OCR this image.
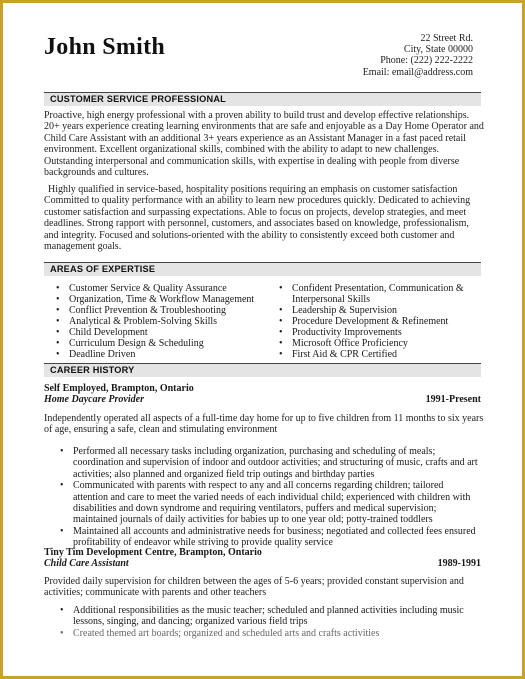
John Smith	22 Street Rd.
City, State 00000
Phone: (222) 222-2222
Email: email@address.com
CUSTOMER SERVICE PROFESSIONAL

Proactive, high energy professional with a proven ability to build trust and develop effective relationships. 20+ years experience creating learning environments that are safe and enjoyable as a Day Home Operator and Child Care Assistant with an additional 3+ years experience as an Assistant Manager in a fast paced retail environment. Excellent organizational skills, combined with the ability to adapt to new challenges. Outstanding interpersonal and communication skills, with expertise in dealing with people from diverse backgrounds and cultures.

Highly qualified in service-based, hospitality positions requiring an emphasis on customer satisfaction Committed to quality performance with an ability to learn new procedures quickly. Dedicated to achieving customer satisfaction and surpassing expectations. Able to focus on projects, develop strategies, and meet deadlines. Strong rapport with personnel, customers, and associates based on knowledge, professionalism, and integrity. Focused and solutions-oriented with the ability to consistently exceed both customer and management goals.

AREAS OF EXPERTISE
• Customer Service & Quality Assurance
• Organization, Time & Workflow Management
• Conflict Prevention & Troubleshooting
• Analytical & Problem-Solving Skills
• Child Development
• Curriculum Design & Scheduling
• Deadline Driven
• Confident Presentation, Communication & Interpersonal Skills
• Leadership & Supervision
• Procedure Development & Refinement
• Productivity Improvements
• Microsoft Office Proficiency
• First Aid & CPR Certified
CAREER HISTORY
Self Employed, Brampton, Ontario
Home Daycare Provider	1991-Present

Independently operated all aspects of a full-time day home for up to five children from 11 months to six years of age, ensuring a safe, clean and stimulating environment

• Performed all necessary tasks including organization, purchasing and scheduling of meals; coordination and supervision of indoor and outdoor activities; and structuring of music, crafts and art activities; also planned and organized field trip outings and birthday parties
• Communicated with parents with respect to any and all concerns regarding children; tailored attention and care to meet the varied needs of each individual child; experienced with children with disabilities and down syndrome and requiring ventilators, puffers and medical supervision; maintained journals of daily activities for babies up to one year old; potty-trained toddlers
• Maintained all accounts and administrative needs for business; negotiated and collected fees ensured profitability of endeavor while striving to provide quality service
Tiny Tim Development Centre, Brampton, Ontario
Child Care Assistant	1989-1991

Provided daily supervision for children between the ages of 5-6 years; provided constant supervision and activities; communicate with parents and other teachers

• Additional responsibilities as the music teacher; scheduled and planned activities including music lessons, singing, and dancing; organized various field trips
• Created themed art boards; organized and scheduled arts and crafts activities
